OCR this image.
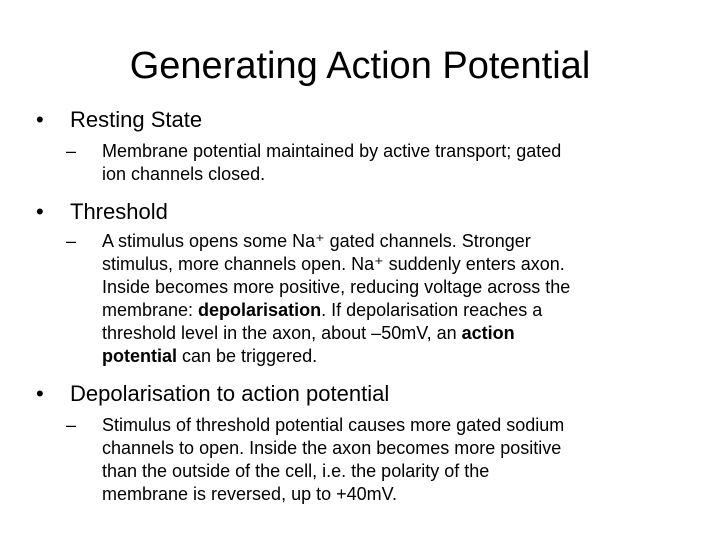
Generating Action Potential
• Resting State
– Membrane potential maintained by active transport; gated
ion channels closed.
• Threshold
– A stimulus opens some Na⁺ gated channels. Stronger
stimulus, more channels open. Na⁺ suddenly enters axon.
Inside becomes more positive, reducing voltage across the
membrane: depolarisation. If depolarisation reaches a
threshold level in the axon, about –50mV, an action
potential can be triggered.
• Depolarisation to action potential
– Stimulus of threshold potential causes more gated sodium
channels to open. Inside the axon becomes more positive
than the outside of the cell, i.e. the polarity of the
membrane is reversed, up to +40mV.
